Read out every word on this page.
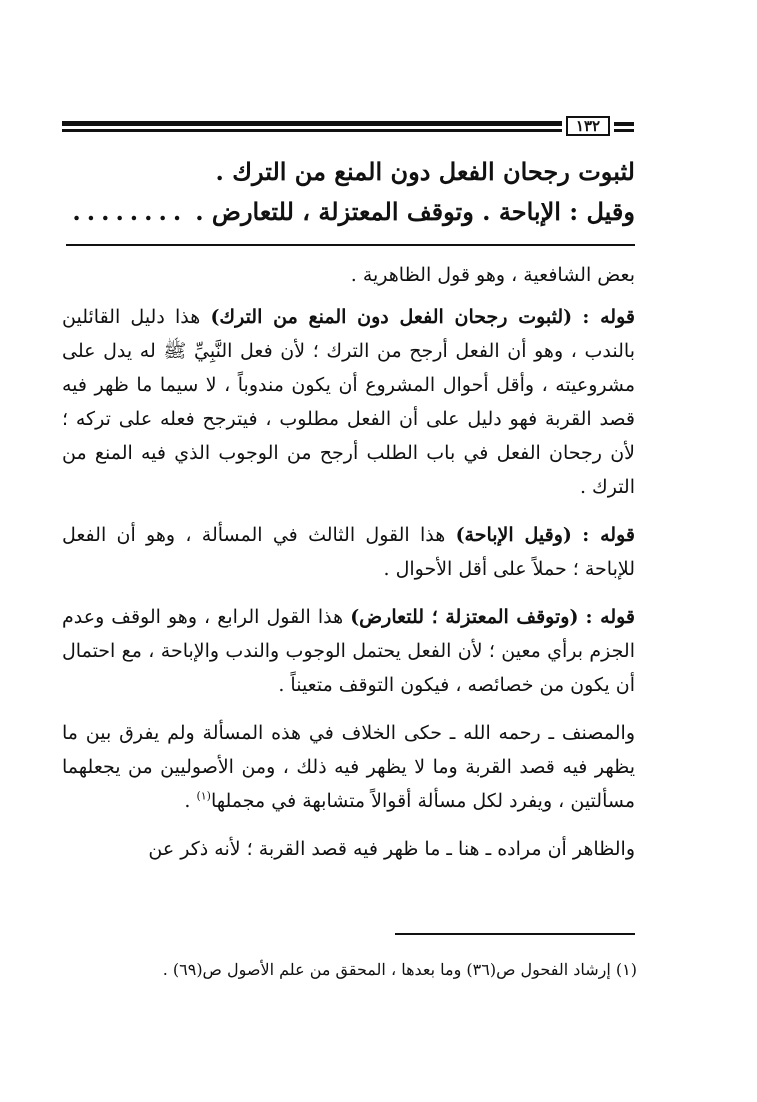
١٣٢

لثبوت رجحان الفعل دون المنع من الترك .

وقيل : الإباحة . وتوقف المعتزلة ، للتعارض .........

بعض الشافعية ، وهو قول الظاهرية .

قوله : (لثبوت رجحان الفعل دون المنع من الترك) هذا دليل القائلين بالندب ، وهو أن الفعل أرجح من الترك ؛ لأن فعل النَّبِيِّ ﷺ له يدل على مشروعيته ، وأقل أحوال المشروع أن يكون مندوباً ، لا سيما ما ظهر فيه قصد القربة فهو دليل على أن الفعل مطلوب ، فيترجح فعله على تركه ؛ لأن رجحان الفعل في باب الطلب أرجح من الوجوب الذي فيه المنع من الترك .

قوله : (وقيل الإباحة) هذا القول الثالث في المسألة ، وهو أن الفعل للإباحة ؛ حملاً على أقل الأحوال .

قوله : (وتوقف المعتزلة ؛ للتعارض) هذا القول الرابع ، وهو الوقف وعدم الجزم برأي معين ؛ لأن الفعل يحتمل الوجوب والندب والإباحة ، مع احتمال أن يكون من خصائصه ، فيكون التوقف متعيناً .

والمصنف ـ رحمه الله ـ حكى الخلاف في هذه المسألة ولم يفرق بين ما يظهر فيه قصد القربة وما لا يظهر فيه ذلك ، ومن الأصوليين من يجعلهما مسألتين ، ويفرد لكل مسألة أقوالاً متشابهة في مجملها$^{(١)}$ .

والظاهر أن مراده ـ هنا ـ ما ظهر فيه قصد القربة ؛ لأنه ذكر عن

(١) إرشاد الفحول ص(٣٦) وما بعدها ، المحقق من علم الأصول ص(٦٩) .
